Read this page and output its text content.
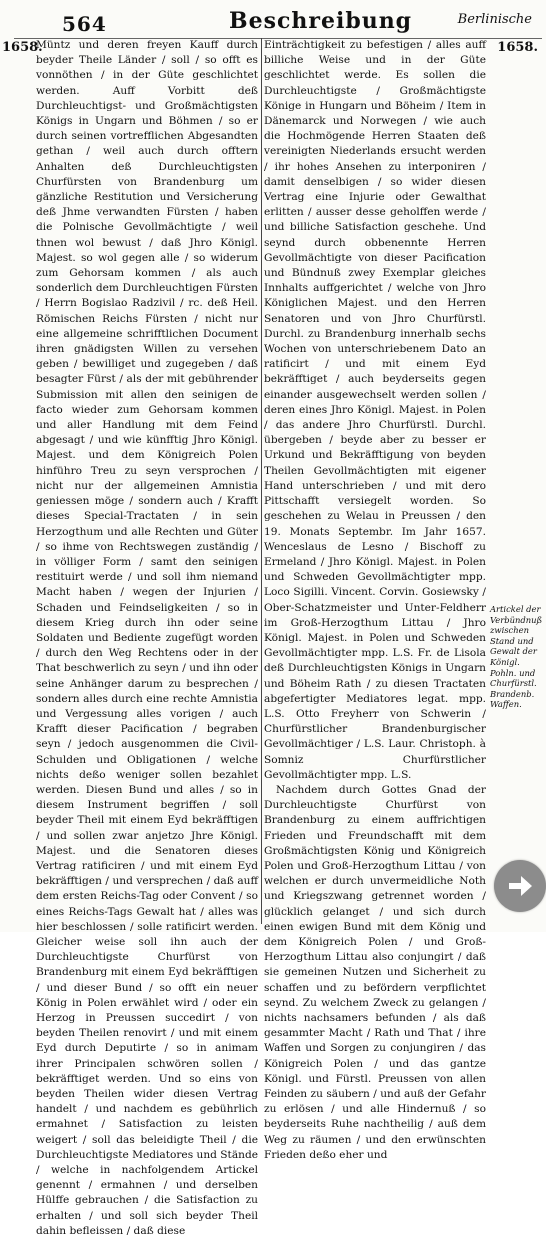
564	Beschreibung	Berlinische
1658.	1658.

Müntz und deren freyen Kauff durch beyder Theile Länder / soll / so offt es vonnöthen / in der Güte geschlichtet werden. Auff Vorbitt deß Durchleuchtigst- und Großmächtigsten Königs in Ungarn und Böhmen / so er durch seinen vortrefflichen Abgesandten gethan / weil auch durch offtern Anhalten deß Durchleuchtigsten Churfürsten von Brandenburg um gänzliche Restitution und Versicherung deß Jhme verwandten Fürsten / haben die Polnische Gevollmächtigte / weil thnen wol bewust / daß Jhro Königl. Majest. so wol gegen alle / so widerum zum Gehorsam kommen / als auch sonderlich dem Durchleuchtigen Fürsten / Herrn Bogislao Radzivil / rc. deß Heil. Römischen Reichs Fürsten / nicht nur eine allgemeine schrifftlichen Document ihren gnädigsten Willen zu versehen geben / bewilliget und zugegeben / daß besagter Fürst / als der mit gebührender Submission mit allen den seinigen de facto wieder zum Gehorsam kommen und aller Handlung mit dem Feind abgesagt / und wie künfftig Jhro Königl. Majest. und dem Königreich Polen hinführo Treu zu seyn versprochen / nicht nur der allgemeinen Amnistia geniessen möge / sondern auch / Krafft dieses Special-Tractaten / in sein Herzogthum und alle Rechten und Güter / so ihme von Rechtswegen zuständig / in völliger Form / samt den seinigen restituirt werde / und soll ihm niemand Macht haben / wegen der Injurien / Schaden und Feindseligkeiten / so in diesem Krieg durch ihn oder seine Soldaten und Bediente zugefügt worden / durch den Weg Rechtens oder in der That beschwerlich zu seyn / und ihn oder seine Anhänger darum zu besprechen / sondern alles durch eine rechte Amnistia und Vergessung alles vorigen / auch Krafft dieser Pacification / begraben seyn / jedoch ausgenommen die Civil-Schulden und Obligationen / welche nichts deßo weniger sollen bezahlet werden. Diesen Bund und alles / so in diesem Instrument begriffen / soll beyder Theil mit einem Eyd bekräfftigen / und sollen zwar anjetzo Jhre Königl. Majest. und die Senatoren dieses Vertrag ratificiren / und mit einem Eyd bekräfftigen / und versprechen / daß auff dem ersten Reichs-Tag oder Convent / so eines Reichs-Tags Gewalt hat / alles was hier beschlossen / solle ratificirt werden. Gleicher weise soll ihn auch der Durchleuchtigste Churfürst von Brandenburg mit einem Eyd bekräfftigen / und dieser Bund / so offt ein neuer König in Polen erwählet wird / oder ein Herzog in Preussen succedirt / von beyden Theilen renovirt / und mit einem Eyd durch Deputirte / so in animam ihrer Principalen schwören sollen / bekräfftiget werden. Und so eins von beyden Theilen wider diesen Vertrag handelt / und nachdem es gebührlich ermahnet / Satisfaction zu leisten weigert / soll das beleidigte Theil / die Durchleuchtigste Mediatores und Stände / welche in nachfolgendem Artickel genennt / ermahnen / und derselben Hülffe gebrauchen / die Satisfaction zu erhalten / und soll sich beyder Theil dahin befleissen / daß diese

Einträchtigkeit zu befestigen / alles auff billiche Weise und in der Güte geschlichtet werde. Es sollen die Durchleuchtigste / Großmächtigste Könige in Hungarn und Böheim / Item in Dänemarck und Norwegen / wie auch die Hochmögende Herren Staaten deß vereinigten Niederlands ersucht werden / ihr hohes Ansehen zu interponiren / damit denselbigen / so wider diesen Vertrag eine Injurie oder Gewalthat erlitten / ausser desse geholffen werde / und billiche Satisfaction geschehe. Und seynd durch obbenennte Herren Gevollmächtigte von dieser Pacification und Bündnuß zwey Exemplar gleiches Innhalts auffgerichtet / welche von Jhro Königlichen Majest. und den Herren Senatoren und von Jhro Churfürstl. Durchl. zu Brandenburg innerhalb sechs Wochen von unterschriebenem Dato an ratificirt / und mit einem Eyd bekräfftiget / auch beyderseits gegen einander ausgewechselt werden sollen / deren eines Jhro Königl. Majest. in Polen / das andere Jhro Churfürstl. Durchl. übergeben / beyde aber zu besser er Urkund und Bekräfftigung von beyden Theilen Gevollmächtigten mit eigener Hand unterschrieben / und mit dero Pittschafft versiegelt worden. So geschehen zu Welau in Preussen / den 19. Monats Septembr. Im Jahr 1657. Wenceslaus de Lesno / Bischoff zu Ermeland / Jhro Königl. Majest. in Polen und Schweden Gevollmächtigter mpp. Loco Sigilli. Vincent. Corvin. Gosiewsky / Ober-Schatzmeister und Unter-Feldherr im Groß-Herzogthum Littau / Jhro Königl. Majest. in Polen und Schweden Gevollmächtigter mpp. L.S. Fr. de Lisola deß Durchleuchtigsten Königs in Ungarn und Böheim Rath / zu diesen Tractaten abgefertigter Mediatores legat. mpp. L.S. Otto Freyherr von Schwerin / Churfürstlicher Brandenburgischer Gevollmächtiger / L.S. Laur. Christoph. à Somniz Churfürstlicher Gevollmächtigter mpp. L.S.

Nachdem durch Gottes Gnad der Durchleuchtigste Churfürst von Brandenburg zu einem auffrichtigen Frieden und Freundschafft mit dem Großmächtigsten König und Königreich Polen und Groß-Herzogthum Littau / von welchen er durch unvermeidliche Noth und Kriegszwang getrennet worden / glücklich gelanget / und sich durch einen ewigen Bund mit dem König und dem Königreich Polen / und Groß-Herzogthum Littau also conjungirt / daß sie gemeinen Nutzen und Sicherheit zu schaffen und zu befördern verpflichtet seynd. Zu welchem Zweck zu gelangen / nichts nachsamers befunden / als daß gesammter Macht / Rath und That / ihre Waffen und Sorgen zu conjungiren / das Königreich Polen / und das gantze Königl. und Fürstl. Preussen von allen Feinden zu säubern / und auß der Gefahr zu erlösen / und alle Hindernuß / so beyderseits Ruhe nachtheilig / auß dem Weg zu räumen / und den erwünschten Frieden deßo eher und

Artickel der Verbündnuß zwischen Stand und Gewalt der Königl. Pohln. und Churfürstl. Brandenb. Waffen.
